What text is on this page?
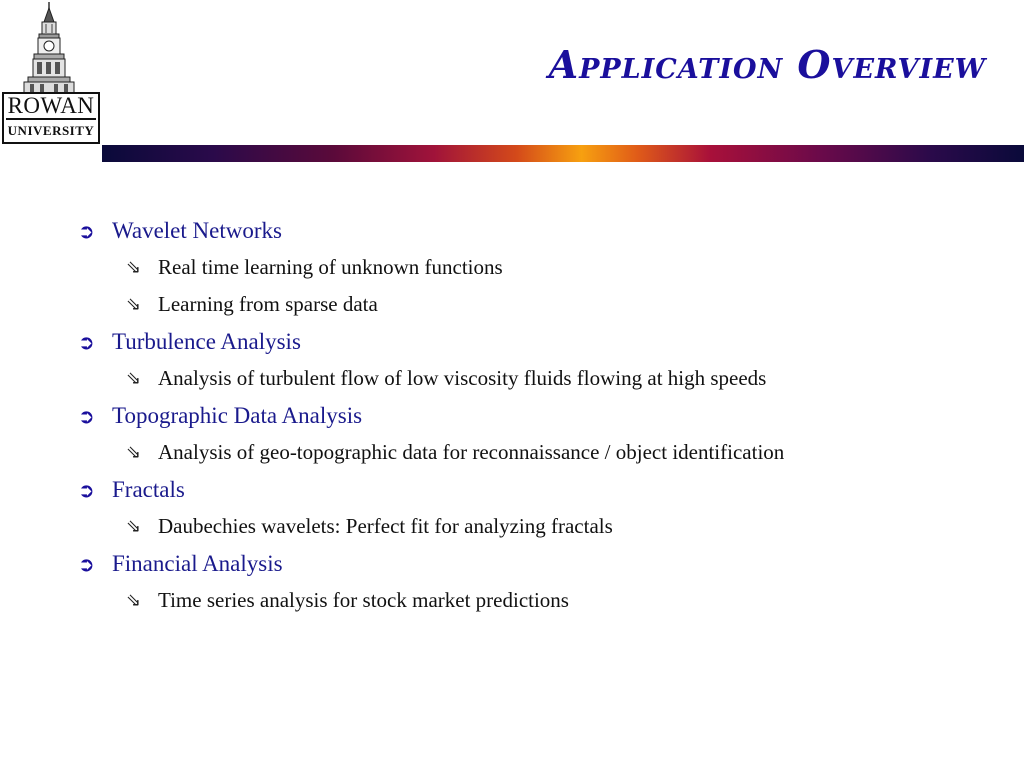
ROWAN
UNIVERSITY
Application Overview
➲ Wavelet Networks
⇘ Real time learning of unknown functions
⇘ Learning from sparse data
➲ Turbulence Analysis
⇘ Analysis of turbulent flow of low viscosity fluids flowing at high speeds
➲ Topographic Data Analysis
⇘ Analysis of geo-topographic data for reconnaissance / object identification
➲ Fractals
⇘ Daubechies wavelets: Perfect fit for analyzing fractals
➲ Financial Analysis
⇘ Time series analysis for stock market predictions
